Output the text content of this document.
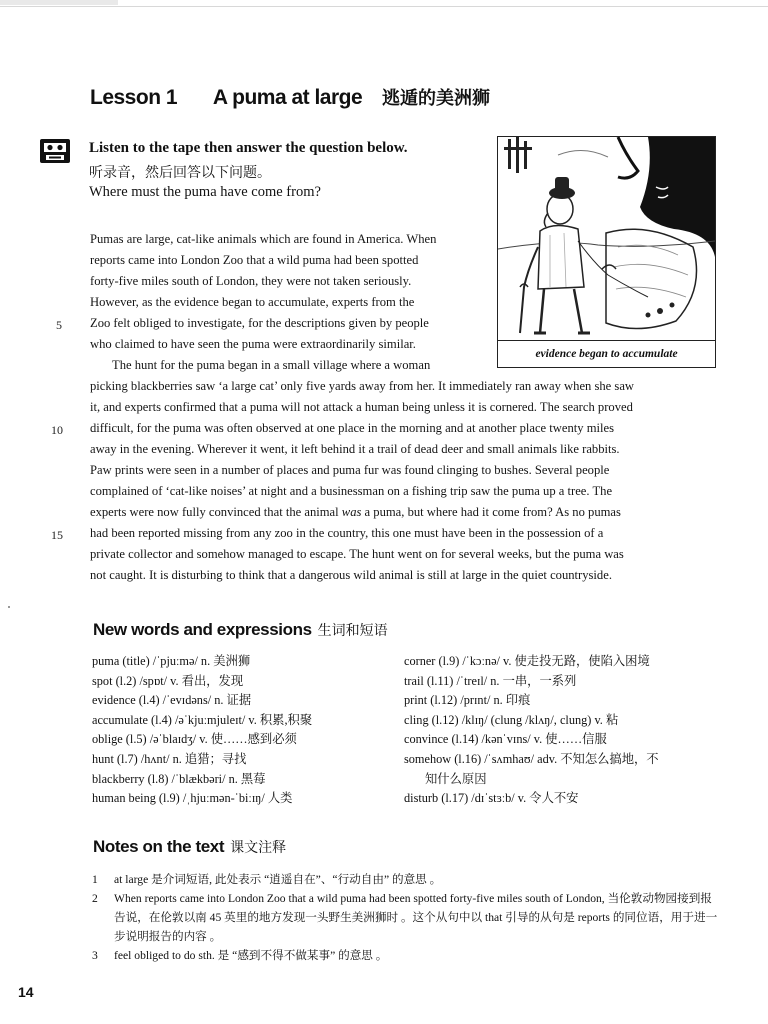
Lesson 1 A puma at large 逃遁的美洲狮
Listen to the tape then answer the question below.
听录音，然后回答以下问题。
Where must the puma have come from?
Pumas are large, cat-like animals which are found in America. When
reports came into London Zoo that a wild puma had been spotted
forty-five miles south of London, they were not taken seriously.
However, as the evidence began to accumulate, experts from the
Zoo felt obliged to investigate, for the descriptions given by people
who claimed to have seen the puma were extraordinarily similar.
The hunt for the puma began in a small village where a woman
picking blackberries saw ‘a large cat’ only five yards away from her. It immediately ran away when she saw
it, and experts confirmed that a puma will not attack a human being unless it is cornered. The search proved
difficult, for the puma was often observed at one place in the morning and at another place twenty miles
away in the evening. Wherever it went, it left behind it a trail of dead deer and small animals like rabbits.
Paw prints were seen in a number of places and puma fur was found clinging to bushes. Several people
complained of ‘cat-like noises’ at night and a businessman on a fishing trip saw the puma up a tree. The
experts were now fully convinced that the animal was a puma, but where had it come from? As no pumas
had been reported missing from any zoo in the country, this one must have been in the possession of a
private collector and somehow managed to escape. The hunt went on for several weeks, but the puma was
not caught. It is disturbing to think that a dangerous wild animal is still at large in the quiet countryside.
5
10
15
evidence began to accumulate
New words and expressions 生词和短语
puma (title) /ˈpjuːmə/ n. 美洲狮
spot (l.2) /spɒt/ v. 看出，发现
evidence (l.4) /ˈevɪdəns/ n. 证据
accumulate (l.4) /əˈkjuːmjuleɪt/ v. 积累,积聚
oblige (l.5) /əˈblaɪdʒ/ v. 使……感到必须
hunt (l.7) /hʌnt/ n. 追猎；寻找
blackberry (l.8) /ˈblækbəri/ n. 黑莓
human being (l.9) /ˌhjuːmən-ˈbiːɪŋ/ 人类
corner (l.9) /ˈkɔːnə/ v. 使走投无路，使陷入困境
trail (l.11) /ˈtreɪl/ n. 一串，一系列
print (l.12) /prɪnt/ n. 印痕
cling (l.12) /klɪŋ/ (clung /klʌŋ/, clung) v. 粘
convince (l.14) /kənˈvɪns/ v. 使……信服
somehow (l.16) /ˈsʌmhaʊ/ adv. 不知怎么搞地，不
知什么原因
disturb (l.17) /dɪˈstɜːb/ v. 令人不安
Notes on the text 课文注释
1 at large 是介词短语, 此处表示 “逍遥自在”、“行动自由” 的意思 。
2 When reports came into London Zoo that a wild puma had been spotted forty-five miles south of London, 当伦敦动物园接到报告说，在伦敦以南 45 英里的地方发现一头野生美洲狮时 。这个从句中以 that 引导的从句是 reports 的同位语，用于进一步说明报告的内容 。
3 feel obliged to do sth. 是 “感到不得不做某事” 的意思 。
14
